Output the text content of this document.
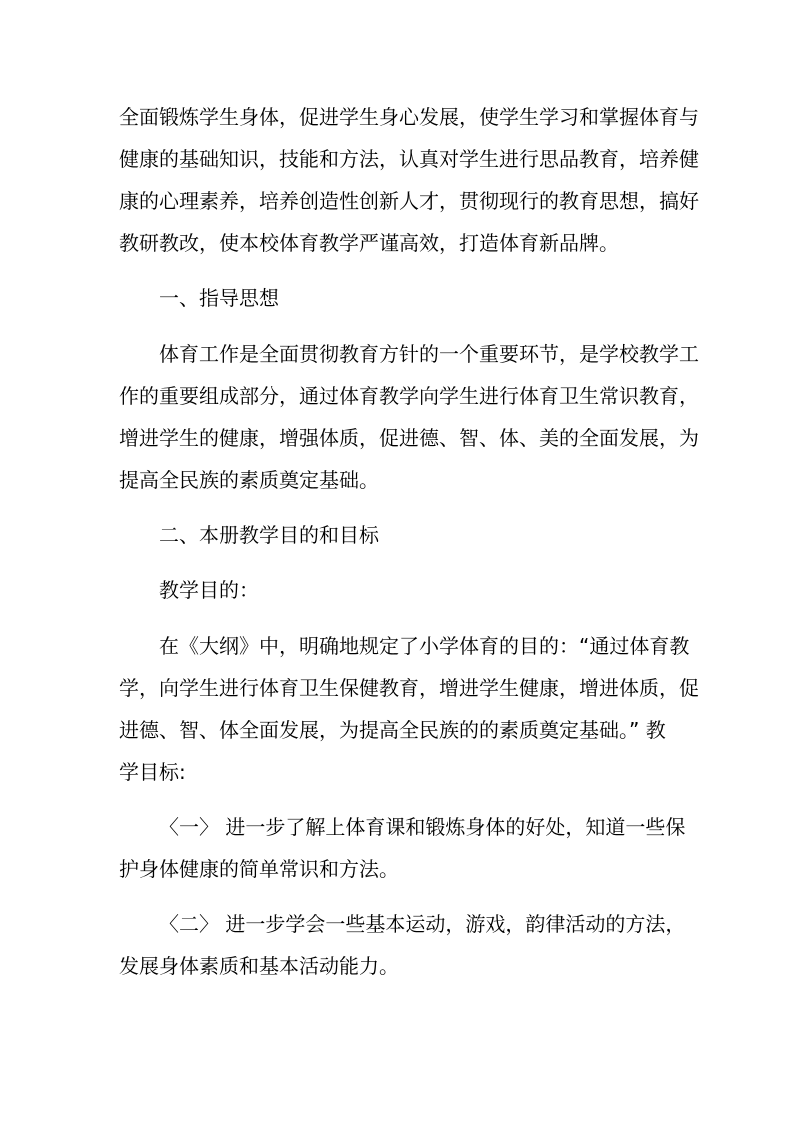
全面锻炼学生身体，促进学生身心发展，使学生学习和掌握体育与

健康的基础知识，技能和方法，认真对学生进行思品教育，培养健

康的心理素养，培养创造性创新人才，贯彻现行的教育思想，搞好

教研教改，使本校体育教学严谨高效，打造体育新品牌。

一、指导思想

体育工作是全面贯彻教育方针的一个重要环节，是学校教学工

作的重要组成部分，通过体育教学向学生进行体育卫生常识教育，

增进学生的健康，增强体质，促进德、智、体、美的全面发展，为

提高全民族的素质奠定基础。

二、本册教学目的和目标

教学目的：

在《大纲》中，明确地规定了小学体育的目的：“通过体育教

学，向学生进行体育卫生保健教育，增进学生健康，增进体质，促

进德、智、体全面发展，为提高全民族的的素质奠定基础。” 教

学目标:

〈一〉 进一步了解上体育课和锻炼身体的好处，知道一些保

护身体健康的简单常识和方法。

〈二〉 进一步学会一些基本运动，游戏，韵律活动的方法，

发展身体素质和基本活动能力。
